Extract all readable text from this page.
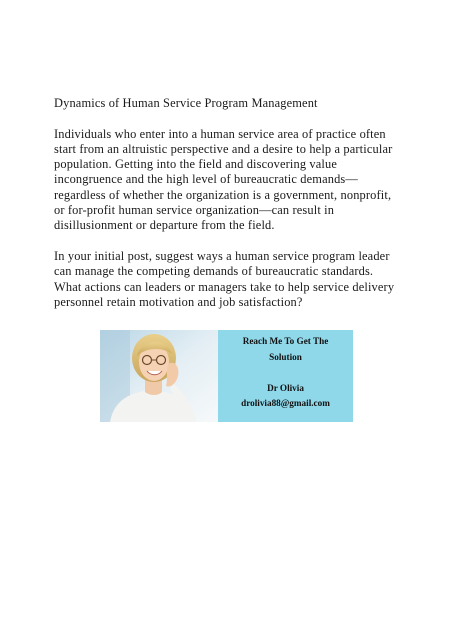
Dynamics of Human Service Program Management

Individuals who enter into a human service area of practice often start from an altruistic perspective and a desire to help a particular population. Getting into the field and discovering value incongruence and the high level of bureaucratic demands—regardless of whether the organization is a government, nonprofit, or for-profit human service organization—can result in disillusionment or departure from the field.

In your initial post, suggest ways a human service program leader can manage the competing demands of bureaucratic standards. What actions can leaders or managers take to help service delivery personnel retain motivation and job satisfaction?

Reach Me To Get The
Solution
Dr Olivia
drolivia88@gmail.com
